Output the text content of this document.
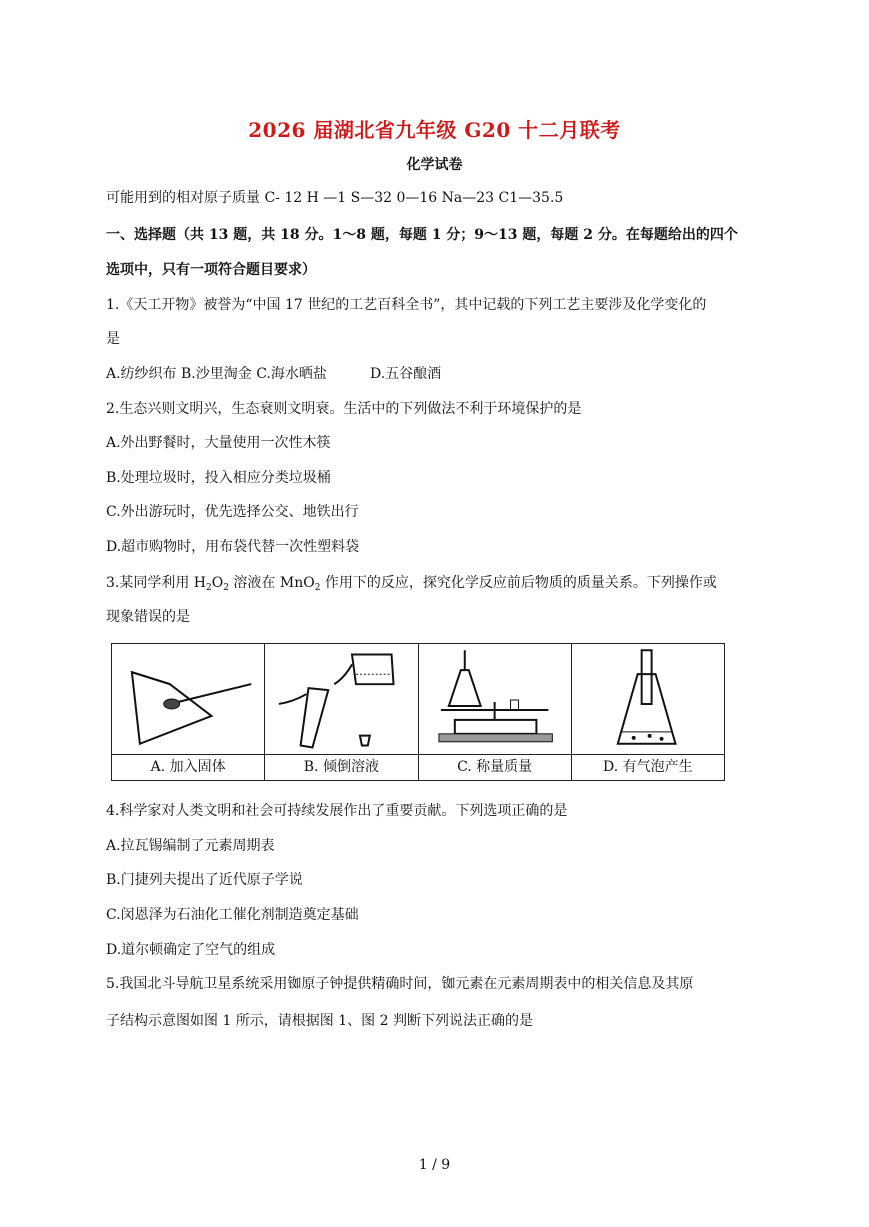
2026 届湖北省九年级 G20 十二月联考
化学试卷
可能用到的相对原子质量 C- 12 H —1 S—32 0—16 Na—23 C1—35.5
一、选择题（共 13 题，共 18 分。1～8 题，每题 1 分；9～13 题，每题 2 分。在每题给出的四个
选项中，只有一项符合题目要求）
1.《天工开物》被誉为“中国 17 世纪的工艺百科全书”，其中记载的下列工艺主要涉及化学变化的
是
A.纺纱织布 B.沙里淘金 C.海水晒盐	D.五谷酿酒
2.生态兴则文明兴，生态衰则文明衰。生活中的下列做法不利于环境保护的是
A.外出野餐时，大量使用一次性木筷
B.处理垃圾时，投入相应分类垃圾桶
C.外出游玩时，优先选择公交、地铁出行
D.超市购物时，用布袋代替一次性塑料袋
3.某同学利用 $H_2O_2$ 溶液在 MnO$_2$ 作用下的反应，探究化学反应前后物质的质量关系。下列操作或
现象错误的是
A. 加入固体	B. 倾倒溶液	C. 称量质量	D. 有气泡产生
4.科学家对人类文明和社会可持续发展作出了重要贡献。下列选项正确的是
A.拉瓦锡编制了元素周期表
B.门捷列夫提出了近代原子学说
C.闵恩泽为石油化工催化剂制造奠定基础
D.道尔顿确定了空气的组成
5.我国北斗导航卫星系统采用铷原子钟提供精确时间，铷元素在元素周期表中的相关信息及其原
子结构示意图如图 1 所示，请根据图 1、图 2 判断下列说法正确的是
1 / 9
